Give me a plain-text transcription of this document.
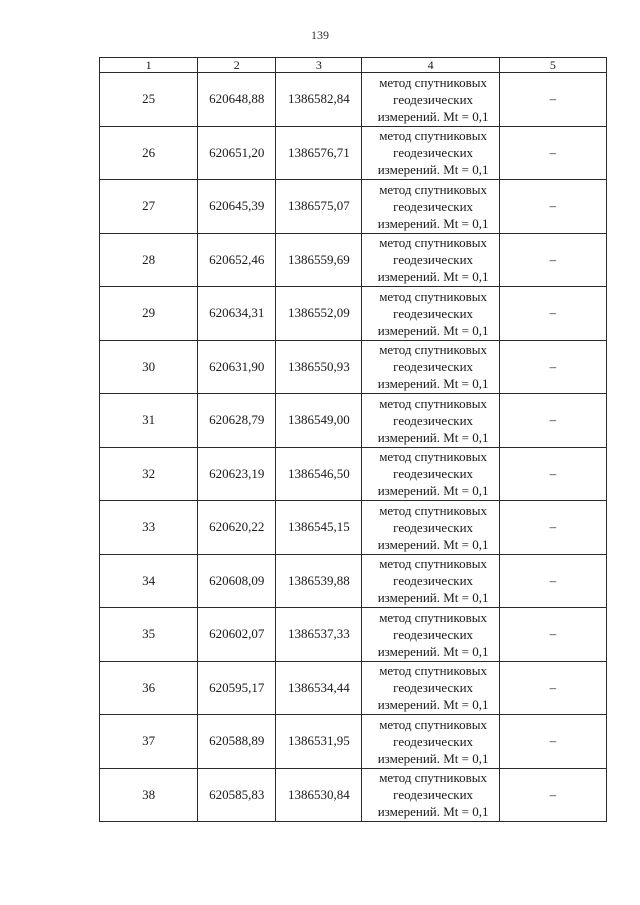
139
1	2	3	4	5
25	620648,88	1386582,84	метод спутниковых
геодезических
измерений. Mt = 0,1	–
26	620651,20	1386576,71	метод спутниковых
геодезических
измерений. Mt = 0,1	–
27	620645,39	1386575,07	метод спутниковых
геодезических
измерений. Mt = 0,1	–
28	620652,46	1386559,69	метод спутниковых
геодезических
измерений. Mt = 0,1	–
29	620634,31	1386552,09	метод спутниковых
геодезических
измерений. Mt = 0,1	–
30	620631,90	1386550,93	метод спутниковых
геодезических
измерений. Mt = 0,1	–
31	620628,79	1386549,00	метод спутниковых
геодезических
измерений. Mt = 0,1	–
32	620623,19	1386546,50	метод спутниковых
геодезических
измерений. Mt = 0,1	–
33	620620,22	1386545,15	метод спутниковых
геодезических
измерений. Mt = 0,1	–
34	620608,09	1386539,88	метод спутниковых
геодезических
измерений. Mt = 0,1	–
35	620602,07	1386537,33	метод спутниковых
геодезических
измерений. Mt = 0,1	–
36	620595,17	1386534,44	метод спутниковых
геодезических
измерений. Mt = 0,1	–
37	620588,89	1386531,95	метод спутниковых
геодезических
измерений. Mt = 0,1	–
38	620585,83	1386530,84	метод спутниковых
геодезических
измерений. Mt = 0,1	–
